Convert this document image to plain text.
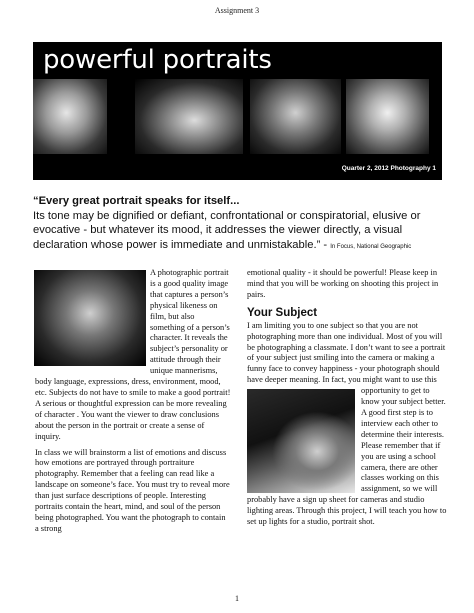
Assignment 3
powerful portraits
Quarter 2, 2012 Photography 1
“Every great portrait speaks for itself...
Its tone may be dignified or defiant, confrontational or conspiratorial, elusive or evocative - but whatever its mood, it addresses the viewer directly, a visual declaration whose power is immediate and unmistakable.” - In Focus, National Geographic

A photographic portrait is a good quality image that captures a person’s physical likeness on film, but also something of a person’s character. It reveals the subject’s personality or attitude through their unique mannerisms, body language, expressions, dress, environment, mood, etc. Subjects do not have to smile to make a good portrait! A serious or thoughtful expression can be more revealing of character . You want the viewer to draw conclusions about the person in the portrait or create a sense of inquiry.

In class we will brainstorm a list of emotions and discuss how emotions are portrayed through portraiture photography. Remember that a feeling can read like a landscape on someone’s face. You must try to reveal more than just surface descriptions of people. Interesting portraits contain the heart, mind, and soul of the person being photographed. You want the photograph to contain a strong

emotional quality - it should be powerful! Please keep in mind that you will be working on shooting this project in pairs.

Your Subject

I am limiting you to one subject so that you are not photographing more than one individual. Most of you will be photographing a classmate. I don’t want to see a portrait of your subject just smiling into the camera or making a funny face to convey happiness - your photograph should have deeper meaning. In fact, you might want to use this opportunity to get to
know your subject better. A good first step is to interview each other to determine their interests. Please remember that if you are using a school camera, there are other classes working on this assignment, so we will probably have a sign up sheet for cameras and studio lighting areas. Through this project, I will teach you how to set up lights for a studio, portrait shot.

1
